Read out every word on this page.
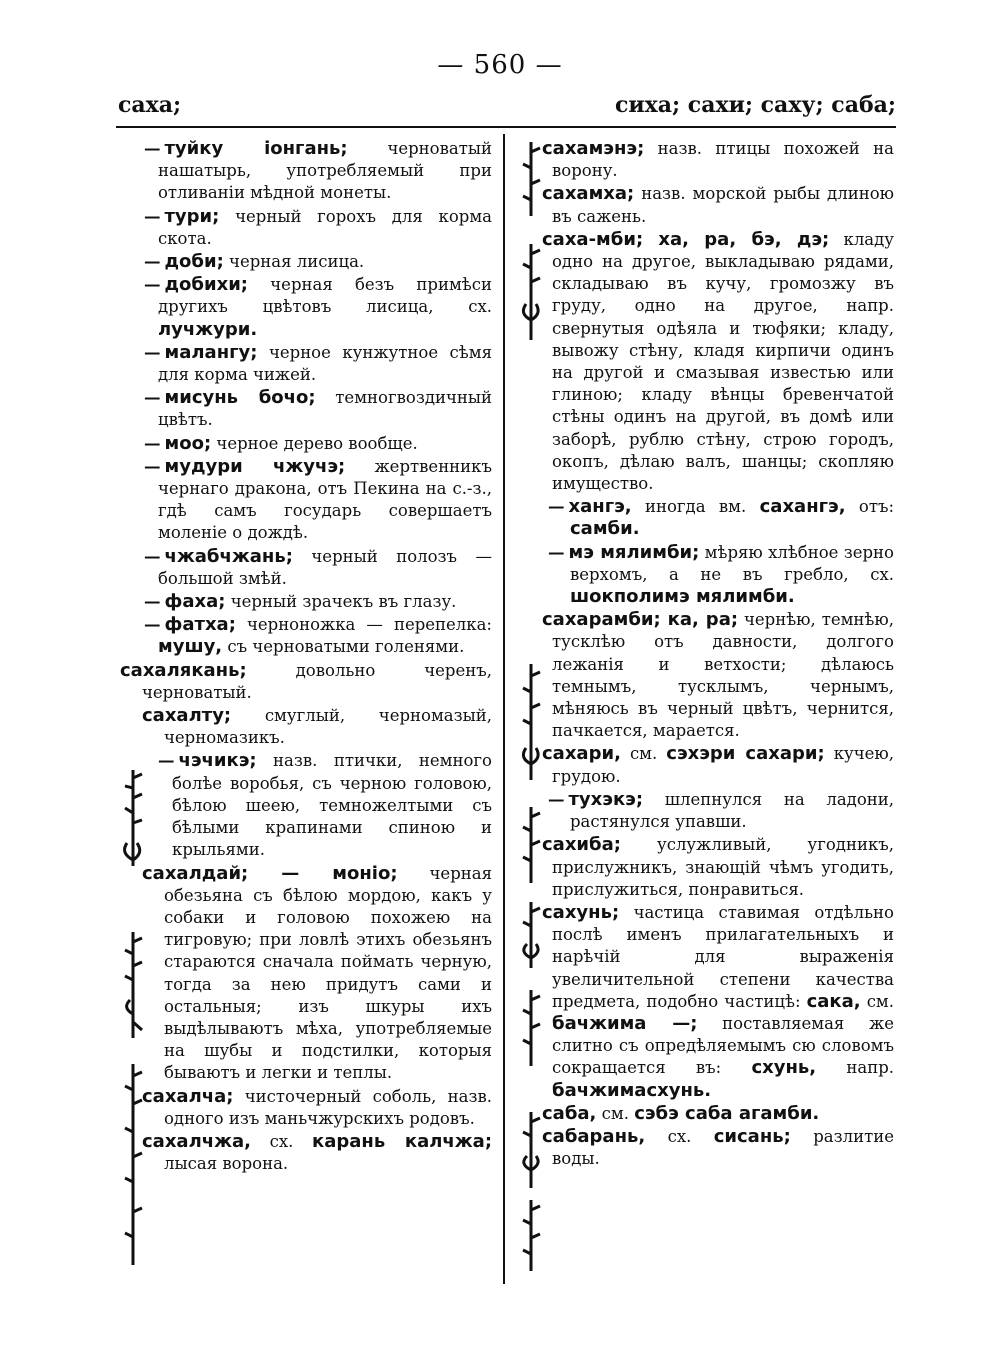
— 560 —
саха;	сиха; сахи; саху; саба;

— туйку іонгань; черноватый нашатырь, употребляемый при отливаніи мѣдной монеты.

— тури; черный горохъ для корма скота.

— доби; черная лисица.

— добихи; черная безъ примѣси другихъ цвѣтовъ лисица, сх. лучжури.

— малангу; черное кунжутное сѣмя для корма чижей.

— мисунь бочо; темногвоздичный цвѣтъ.

— моо; черное дерево вообще.

— мудури чжучэ; жертвенникъ чернаго дракона, отъ Пекина на с.-з., гдѣ самъ государь совершаетъ моленіе о дождѣ.

— чжабчжань; черный полозъ — большой змѣй.

— фаха; черный зрачекъ въ глазу.

— фатха; черноножка — перепелка: мушу, съ черноватыми голенями.

сахалякань;	довольно черенъ, черноватый.

сахалту; смуглый, черномазый, черномазикъ.

— чэчикэ; назв. птички, немного болѣе воробья, съ черною головою, бѣлою шеею, темножелтыми съ бѣлыми крапинами спиною и крыльями.

сахалдай; — моніо; черная обезьяна съ бѣлою мордою, какъ у собаки и головою похожею на тигровую; при ловлѣ этихъ обезьянъ стараются сначала поймать черную, тогда за нею придутъ сами и остальныя; изъ шкуры ихъ выдѣлываютъ мѣха, употребляемые на шубы и подстилки, которыя бываютъ и легки и теплы.

сахалча; чисточерный соболь, назв. одного изъ маньчжурскихъ родовъ.

сахалчжа, сх. карань калчжа; лысая ворона.

сахамэнэ; назв. птицы похожей на ворону.

сахамха; назв. морской рыбы длиною въ сажень.

саха-мби; ха, ра, бэ, дэ; кладу одно на другое, выкладываю рядами, складываю въ кучу, громозжу въ груду, одно на другое, напр. свернутыя одѣяла и тюфяки; кладу, вывожу стѣну, кладя кирпичи одинъ на другой и смазывая известью или глиною; кладу вѣнцы бревенчатой стѣны одинъ на другой, въ домѣ или заборѣ, рублю стѣну, строю городъ, окопъ, дѣлаю валъ, шанцы; скопляю имущество.

— хангэ, иногда вм. сахангэ, отъ: самби.

— мэ мялимби; мѣряю хлѣбное зерно верхомъ, а не въ гребло, сх. шокполимэ мялимби.

сахарамби; ка, ра; чернѣю, темнѣю, тусклѣю отъ давности, долгого лежанія и ветхости; дѣлаюсь темнымъ, тусклымъ, чернымъ, мѣняюсь въ черный цвѣтъ, чернится, пачкается, марается.

сахари, см. сэхэри сахари; кучею, грудою.

— тухэкэ; шлепнулся на ладони, растянулся упавши.

сахиба; услужливый, угодникъ, прислужникъ, знающій чѣмъ угодить, прислужиться, понравиться.

сахунь; частица ставимая отдѣльно послѣ именъ прилагательныхъ и нарѣчій для выраженія увеличительной степени качества предмета, подобно частицѣ: сака, см. бачжима —; поставляемая же слитно съ опредѣляемымъ сю словомъ сокращается въ: схунь, напр. бачжимасхунь.

саба, см. сэбэ саба агамби.

сабарань, сх. сисань; разлитие воды.
